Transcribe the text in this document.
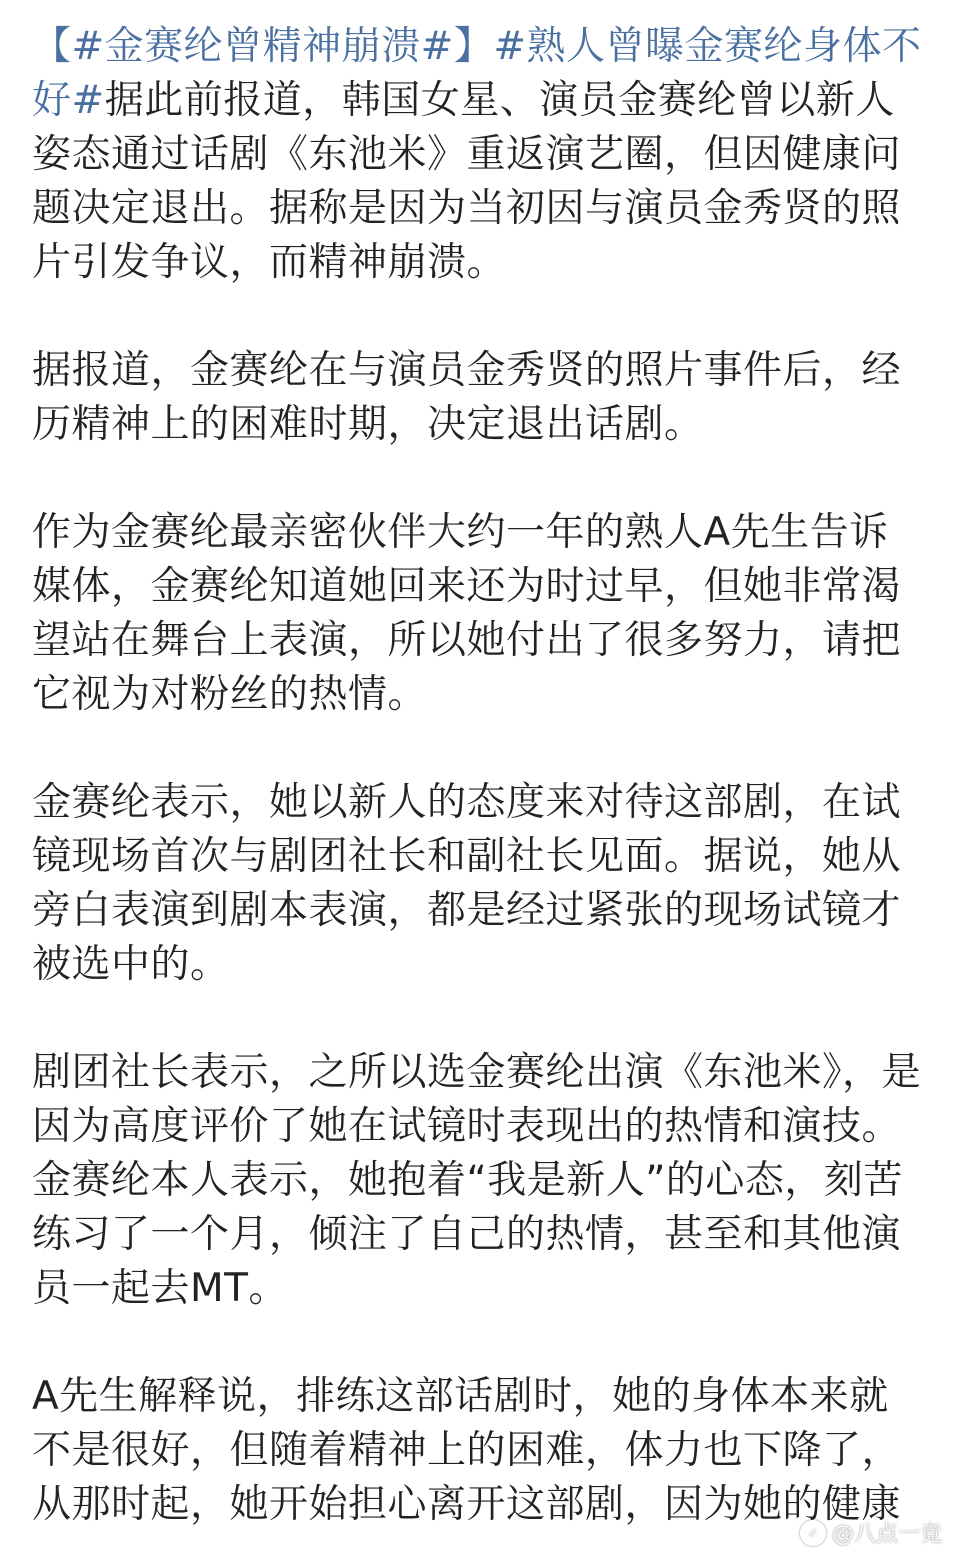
【#金赛纶曾精神崩溃#】#熟人曾曝金赛纶身体不好#据此前报道，韩国女星、演员金赛纶曾以新人姿态通过话剧《东池米》重返演艺圈，但因健康问题决定退出。据称是因为当初因与演员金秀贤的照片引发争议，而精神崩溃。

据报道，金赛纶在与演员金秀贤的照片事件后，经历精神上的困难时期，决定退出话剧。

作为金赛纶最亲密伙伴大约一年的熟人A先生告诉媒体，金赛纶知道她回来还为时过早，但她非常渴望站在舞台上表演，所以她付出了很多努力，请把它视为对粉丝的热情。

金赛纶表示，她以新人的态度来对待这部剧，在试镜现场首次与剧团社长和副社长见面。据说，她从旁白表演到剧本表演，都是经过紧张的现场试镜才被选中的。

剧团社长表示，之所以选金赛纶出演《东池米》，是因为高度评价了她在试镜时表现出的热情和演技。金赛纶本人表示，她抱着“我是新人”的心态，刻苦练习了一个月，倾注了自己的热情，甚至和其他演员一起去MT。

A先生解释说，排练这部话剧时，她的身体本来就不是很好，但随着精神上的困难，体力也下降了，从那时起，她开始担心离开这部剧，因为她的健康

✓ @八点一竞
